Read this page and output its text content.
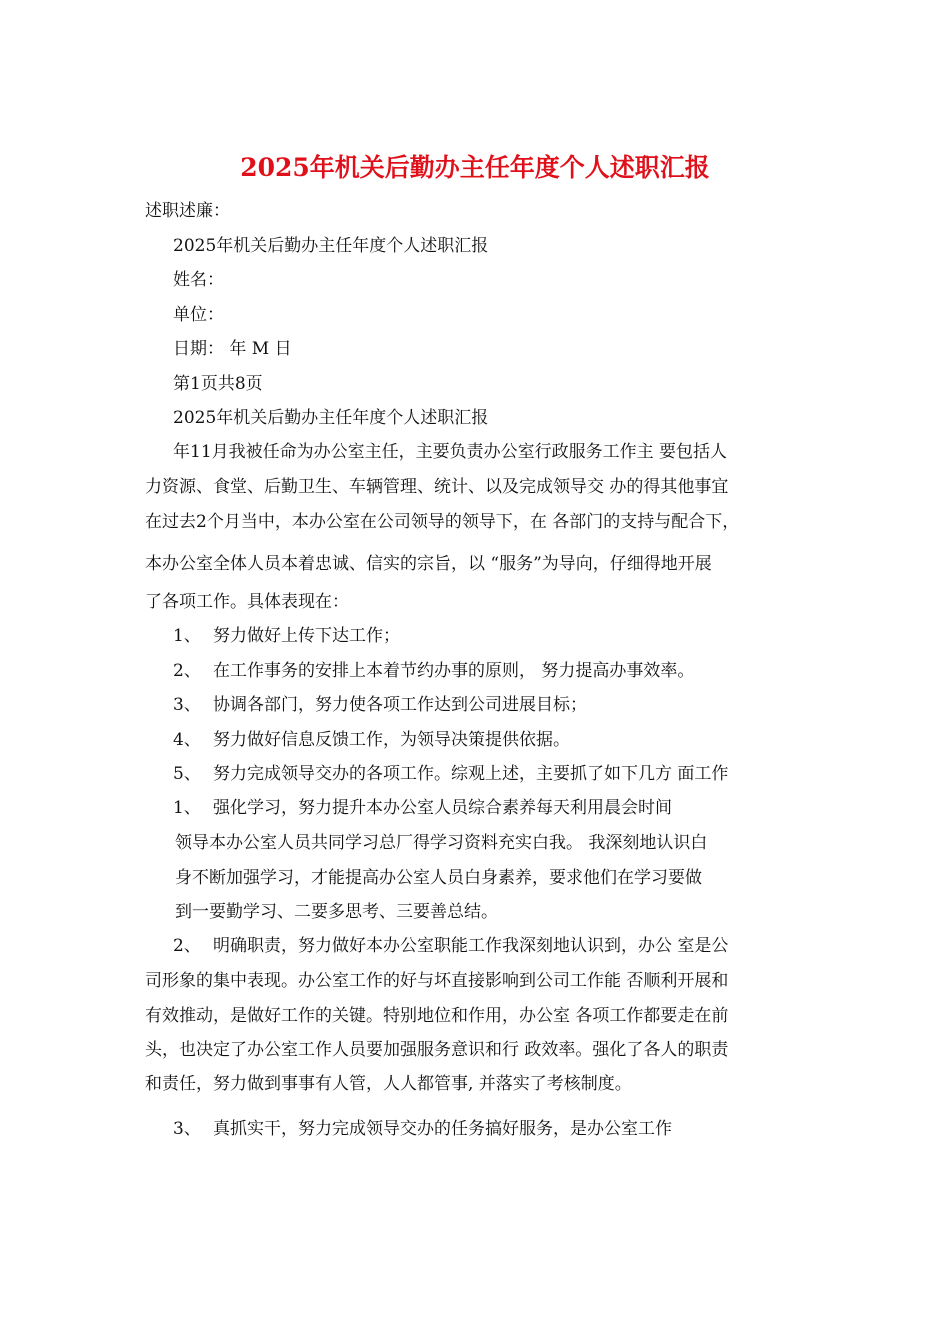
2025年机关后勤办主任年度个人述职汇报
述职述廉：
2025年机关后勤办主任年度个人述职汇报
姓名：
单位：
日期： 年 M 日
第1页共8页
2025年机关后勤办主任年度个人述职汇报
年11月我被任命为办公室主任，主要负责办公室行政服务工作主 要包括人
力资源、食堂、后勤卫生、车辆管理、统计、以及完成领导交 办的得其他事宜
在过去2个月当中，本办公室在公司领导的领导下，在 各部门的支持与配合下，
本办公室全体人员本着忠诚、信实的宗旨，以 “服务”为导向，仔细得地开展
了各项工作。具体表现在：
1、 努力做好上传下达工作；
2、 在工作事务的安排上本着节约办事的原则， 努力提高办事效率。
3、 协调各部门，努力使各项工作达到公司进展目标；
4、 努力做好信息反馈工作，为领导决策提供依据。
5、 努力完成领导交办的各项工作。综观上述，主要抓了如下几方 面工作
1、 强化学习，努力提升本办公室人员综合素养每天利用晨会时间
领导本办公室人员共同学习总厂得学习资料充实白我。 我深刻地认识白
身不断加强学习，才能提高办公室人员白身素养，要求他们在学习要做
到一要勤学习、二要多思考、三要善总结。
2、 明确职责，努力做好本办公室职能工作我深刻地认识到，办公 室是公
司形象的集中表现。办公室工作的好与坏直接影响到公司工作能 否顺利开展和
有效推动，是做好工作的关键。特别地位和作用，办公室 各项工作都要走在前
头，也决定了办公室工作人员要加强服务意识和行 政效率。强化了各人的职责
和责任，努力做到事事有人管，人人都管事, 并落实了考核制度。
3、 真抓实干，努力完成领导交办的任务搞好服务，是办公室工作
